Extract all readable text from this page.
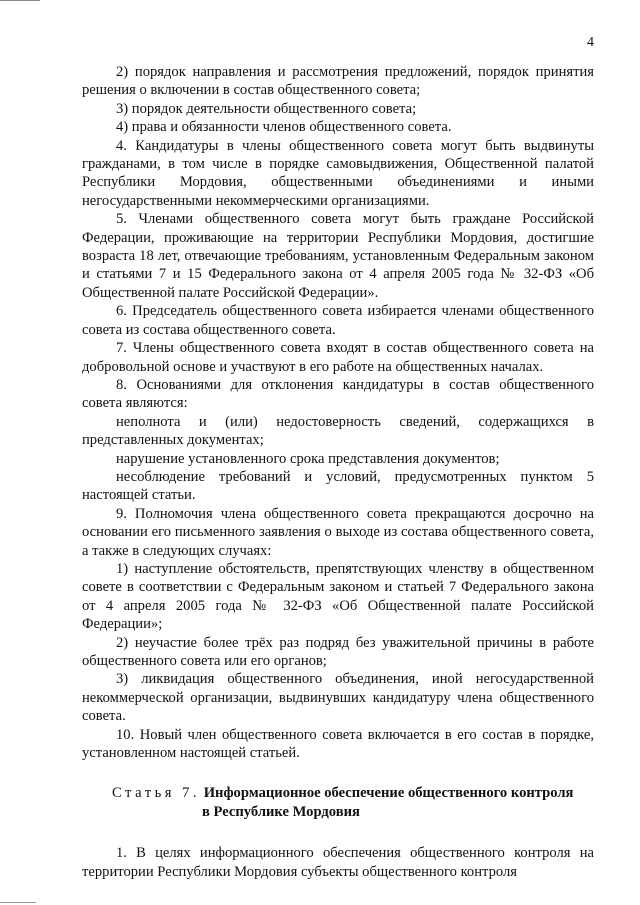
4

2) порядок направления и рассмотрения предложений, порядок принятия решения о включении в состав общественного совета;

3) порядок деятельности общественного совета;

4) права и обязанности членов общественного совета.

4. Кандидатуры в члены общественного совета могут быть выдвинуты гражданами, в том числе в порядке самовыдвижения, Общественной палатой Республики Мордовия, общественными объединениями и иными негосударственными некоммерческими организациями.

5. Членами общественного совета могут быть граждане Российской Федерации, проживающие на территории Республики Мордовия, достигшие возраста 18 лет, отвечающие требованиям, установленным Федеральным законом и статьями 7 и 15 Федерального закона от 4 апреля 2005 года № 32-ФЗ «Об Общественной палате Российской Федерации».

6. Председатель общественного совета избирается членами общественного совета из состава общественного совета.

7. Члены общественного совета входят в состав общественного совета на добровольной основе и участвуют в его работе на общественных началах.

8. Основаниями для отклонения кандидатуры в состав общественного совета являются:

неполнота и (или) недостоверность сведений, содержащихся в представленных документах;

нарушение установленного срока представления документов;

несоблюдение требований и условий, предусмотренных пунктом 5 настоящей статьи.

9. Полномочия члена общественного совета прекращаются досрочно на основании его письменного заявления о выходе из состава общественного совета, а также в следующих случаях:

1) наступление обстоятельств, препятствующих членству в общественном совете в соответствии с Федеральным законом и статьей 7 Федерального закона от 4 апреля 2005 года № 32-ФЗ «Об Общественной палате Российской Федерации»;

2) неучастие более трёх раз подряд без уважительной причины в работе общественного совета или его органов;

3) ликвидация общественного объединения, иной негосударственной некоммерческой организации, выдвинувших кандидатуру члена общественного совета.

10. Новый член общественного совета включается в его состав в порядке, установленном настоящей статьей.

Статья 7. Информационное обеспечение общественного контроля
в Республике Мордовия

1. В целях информационного обеспечения общественного контроля на территории Республики Мордовия субъекты общественного контроля
